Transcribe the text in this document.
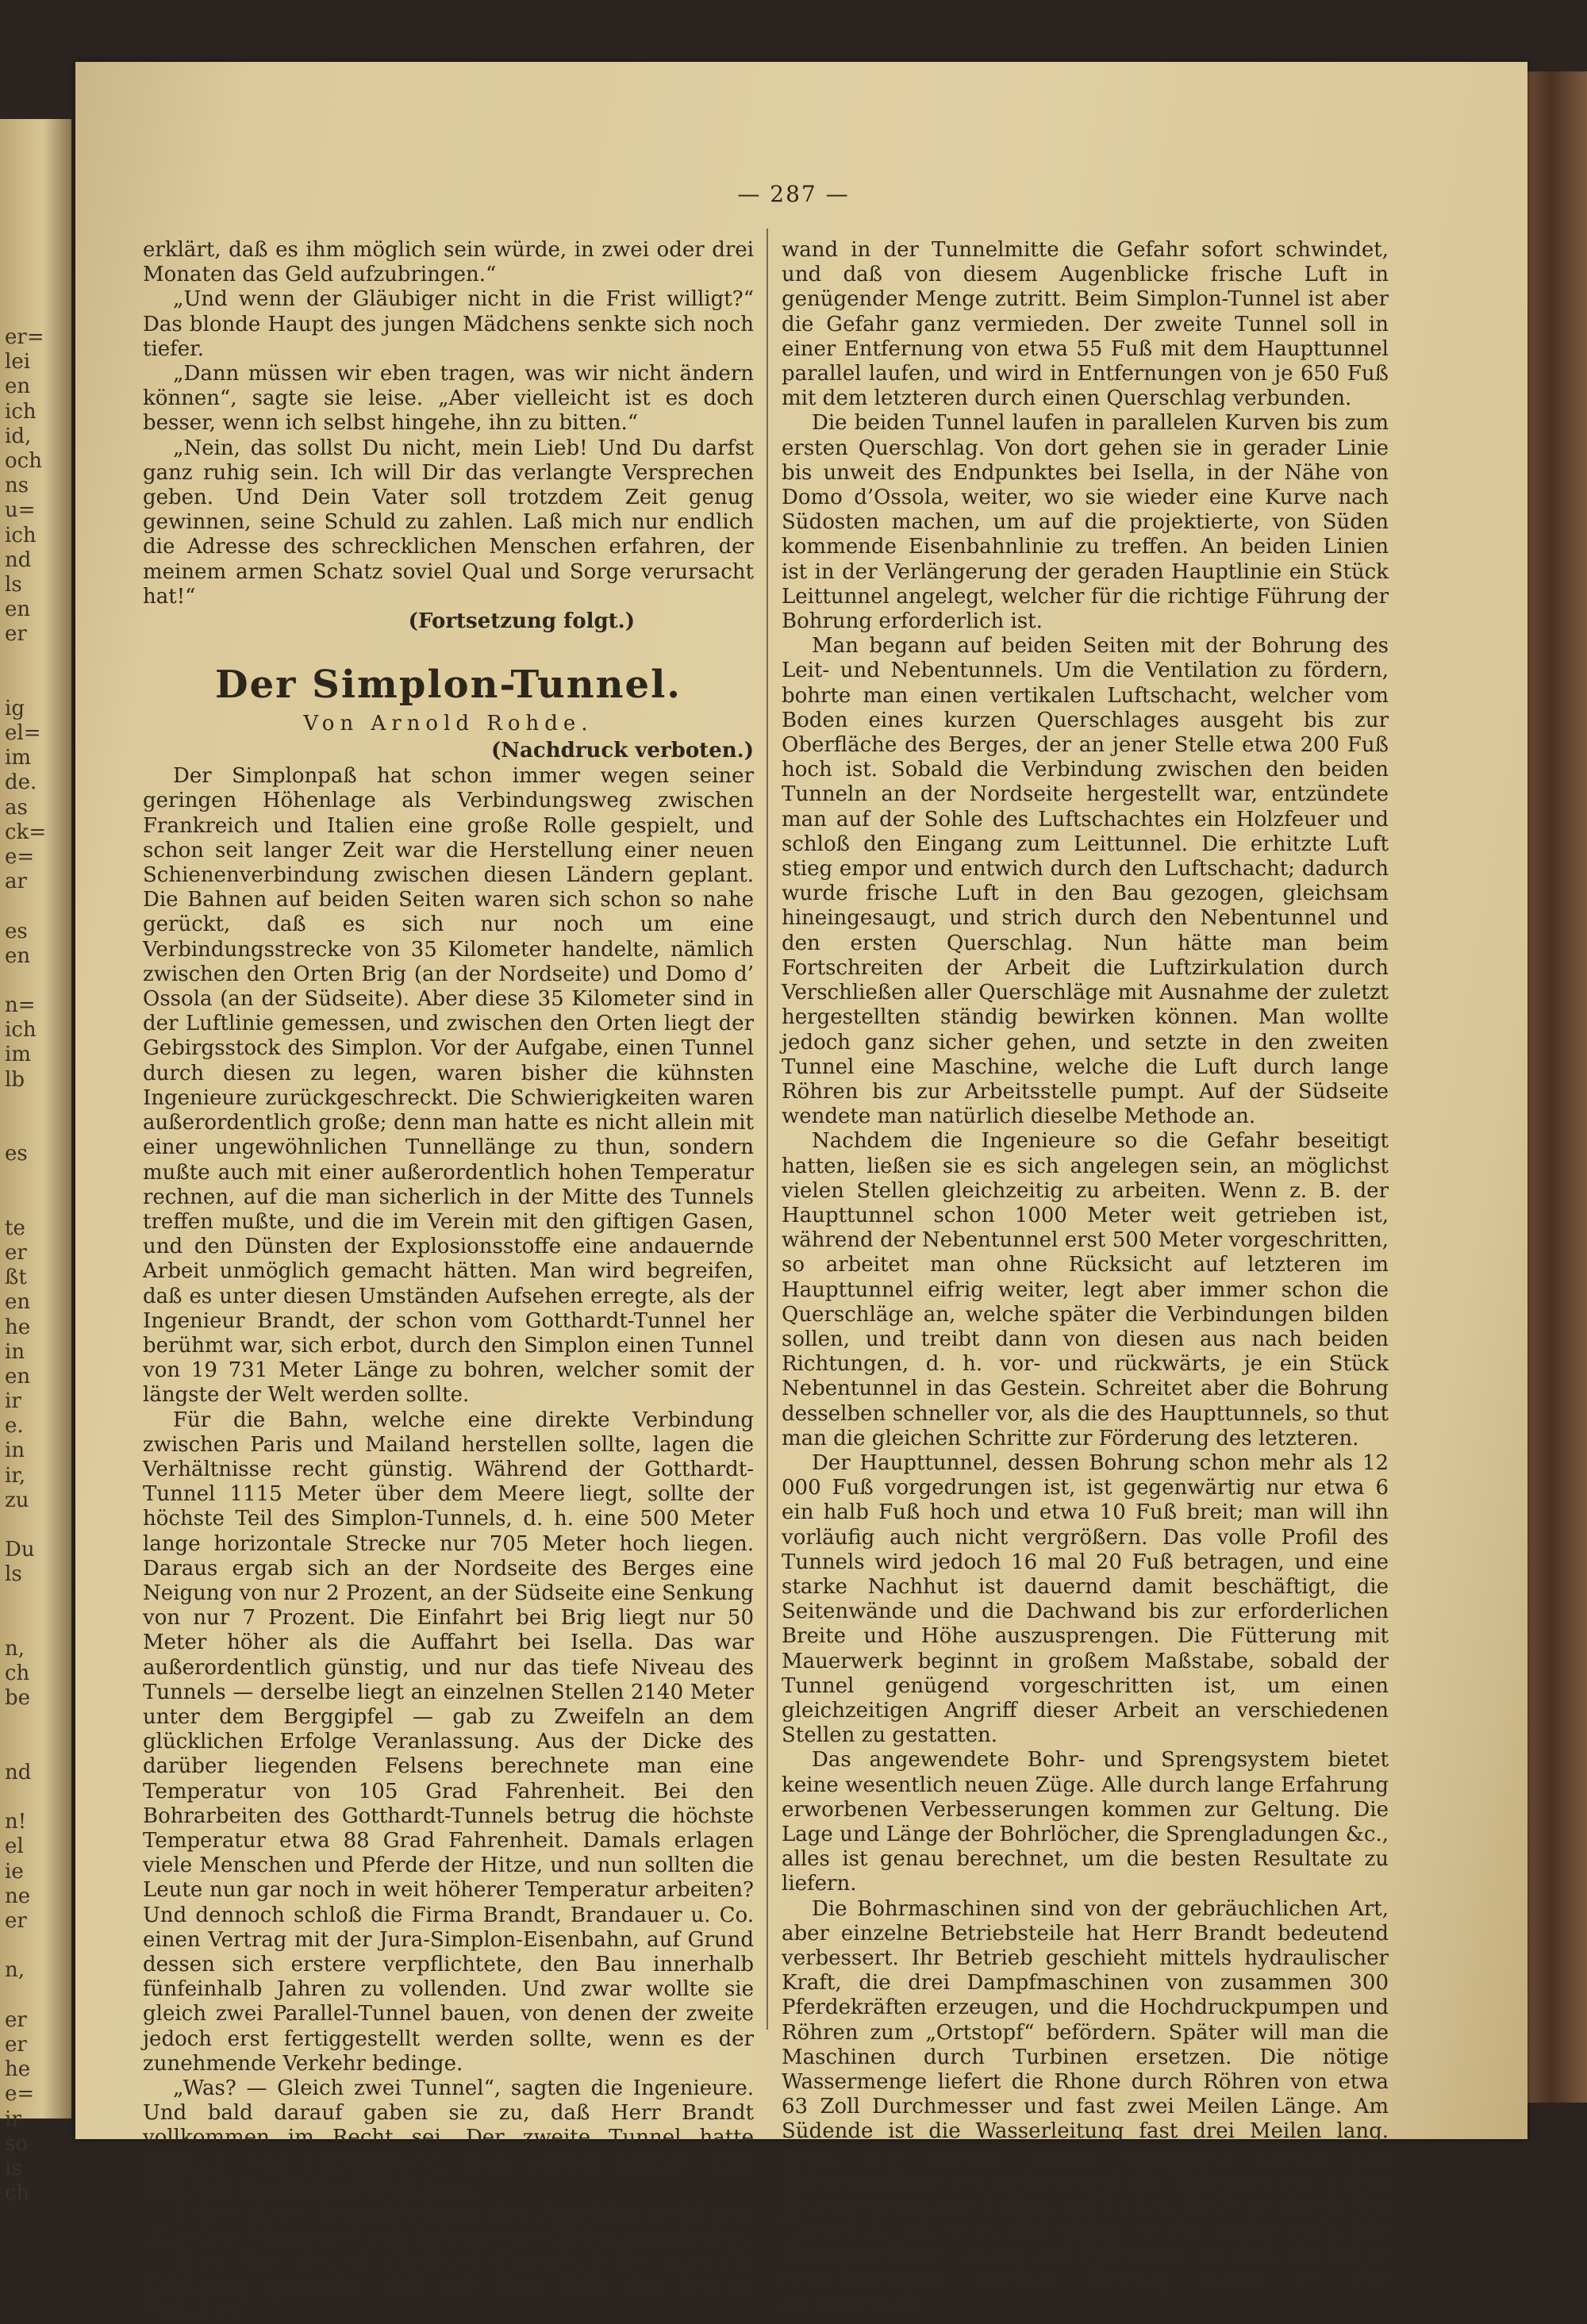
er=
lei
en
ich
id,
och
ns
u=
ich
nd
ls
en
er
ig
el=
im
de.
as
ck=
e=
ar
es
en
n=
ich
im
lb
es
te
er
ßt
en
he
in
en
ir
e.
in
ir,
zu
Du
ls
n,
ch
be
nd
n!
el
ie
ne
er
n,
er
er
he
e=
ir
so
is
ch
— 287 —

erklärt, daß es ihm möglich sein würde, in zwei oder drei Monaten das Geld aufzubringen.“

„Und wenn der Gläubiger nicht in die Frist willigt?“ Das blonde Haupt des jungen Mädchens senkte sich noch tiefer.

„Dann müssen wir eben tragen, was wir nicht ändern können“, sagte sie leise. „Aber vielleicht ist es doch besser, wenn ich selbst hingehe, ihn zu bitten.“

„Nein, das sollst Du nicht, mein Lieb! Und Du darfst ganz ruhig sein. Ich will Dir das verlangte Versprechen geben. Und Dein Vater soll trotzdem Zeit genug gewinnen, seine Schuld zu zahlen. Laß mich nur endlich die Adresse des schrecklichen Menschen erfahren, der meinem armen Schatz soviel Qual und Sorge verursacht hat!“

(Fortsetzung folgt.)

Der Simplon-Tunnel.

Von Arnold Rohde.

(Nachdruck verboten.)

Der Simplonpaß hat schon immer wegen seiner geringen Höhenlage als Verbindungsweg zwischen Frankreich und Italien eine große Rolle gespielt, und schon seit langer Zeit war die Herstellung einer neuen Schienenverbindung zwischen diesen Ländern geplant. Die Bahnen auf beiden Seiten waren sich schon so nahe gerückt, daß es sich nur noch um eine Verbindungsstrecke von 35 Kilometer handelte, nämlich zwischen den Orten Brig (an der Nordseite) und Domo d’ Ossola (an der Südseite). Aber diese 35 Kilometer sind in der Luftlinie gemessen, und zwischen den Orten liegt der Gebirgsstock des Simplon. Vor der Aufgabe, einen Tunnel durch diesen zu legen, waren bisher die kühnsten Ingenieure zurückgeschreckt. Die Schwierigkeiten waren außerordentlich große; denn man hatte es nicht allein mit einer ungewöhnlichen Tunnellänge zu thun, sondern mußte auch mit einer außerordentlich hohen Temperatur rechnen, auf die man sicherlich in der Mitte des Tunnels treffen mußte, und die im Verein mit den giftigen Gasen, und den Dünsten der Explosionsstoffe eine andauernde Arbeit unmöglich gemacht hätten. Man wird begreifen, daß es unter diesen Umständen Aufsehen erregte, als der Ingenieur Brandt, der schon vom Gotthardt-Tunnel her berühmt war, sich erbot, durch den Simplon einen Tunnel von 19 731 Meter Länge zu bohren, welcher somit der längste der Welt werden sollte.

Für die Bahn, welche eine direkte Verbindung zwischen Paris und Mailand herstellen sollte, lagen die Verhältnisse recht günstig. Während der Gotthardt-Tunnel 1115 Meter über dem Meere liegt, sollte der höchste Teil des Simplon-Tunnels, d. h. eine 500 Meter lange horizontale Strecke nur 705 Meter hoch liegen. Daraus ergab sich an der Nordseite des Berges eine Neigung von nur 2 Prozent, an der Südseite eine Senkung von nur 7 Prozent. Die Einfahrt bei Brig liegt nur 50 Meter höher als die Auffahrt bei Isella. Das war außerordentlich günstig, und nur das tiefe Niveau des Tunnels — derselbe liegt an einzelnen Stellen 2140 Meter unter dem Berggipfel — gab zu Zweifeln an dem glücklichen Erfolge Veranlassung. Aus der Dicke des darüber liegenden Felsens berechnete man eine Temperatur von 105 Grad Fahrenheit. Bei den Bohrarbeiten des Gotthardt-Tunnels betrug die höchste Temperatur etwa 88 Grad Fahrenheit. Damals erlagen viele Menschen und Pferde der Hitze, und nun sollten die Leute nun gar noch in weit höherer Temperatur arbeiten? Und dennoch schloß die Firma Brandt, Brandauer u. Co. einen Vertrag mit der Jura-Simplon-Eisenbahn, auf Grund dessen sich erstere verpflichtete, den Bau innerhalb fünfeinhalb Jahren zu vollenden. Und zwar wollte sie gleich zwei Parallel-Tunnel bauen, von denen der zweite jedoch erst fertiggestellt werden sollte, wenn es der zunehmende Verkehr bedinge.

„Was? — Gleich zwei Tunnel“, sagten die Ingenieure. Und bald darauf gaben sie zu, daß Herr Brandt vollkommen im Recht sei. Der zweite Tunnel hatte nämlich den Hauptzweck, dem ersten frische Luft während des Baues zuzuführen.

Ueber diese Verwirklichung des Projektes weiß nun „Cassiers Magazine“ sehr interessante Daten mitzuteilen.

Beim Bau des St. Gotthardt-Tunnels hatte man die Erfahrung gemacht, daß mit dem Falle der letzten Zwischen-

wand in der Tunnelmitte die Gefahr sofort schwindet, und daß von diesem Augenblicke frische Luft in genügender Menge zutritt. Beim Simplon-Tunnel ist aber die Gefahr ganz vermieden. Der zweite Tunnel soll in einer Entfernung von etwa 55 Fuß mit dem Haupttunnel parallel laufen, und wird in Entfernungen von je 650 Fuß mit dem letzteren durch einen Querschlag verbunden.

Die beiden Tunnel laufen in parallelen Kurven bis zum ersten Querschlag. Von dort gehen sie in gerader Linie bis unweit des Endpunktes bei Isella, in der Nähe von Domo d’Ossola, weiter, wo sie wieder eine Kurve nach Südosten machen, um auf die projektierte, von Süden kommende Eisenbahnlinie zu treffen. An beiden Linien ist in der Verlängerung der geraden Hauptlinie ein Stück Leittunnel angelegt, welcher für die richtige Führung der Bohrung erforderlich ist.

Man begann auf beiden Seiten mit der Bohrung des Leit- und Nebentunnels. Um die Ventilation zu fördern, bohrte man einen vertikalen Luftschacht, welcher vom Boden eines kurzen Querschlages ausgeht bis zur Oberfläche des Berges, der an jener Stelle etwa 200 Fuß hoch ist. Sobald die Verbindung zwischen den beiden Tunneln an der Nordseite hergestellt war, entzündete man auf der Sohle des Luftschachtes ein Holzfeuer und schloß den Eingang zum Leittunnel. Die erhitzte Luft stieg empor und entwich durch den Luftschacht; dadurch wurde frische Luft in den Bau gezogen, gleichsam hineingesaugt, und strich durch den Nebentunnel und den ersten Querschlag. Nun hätte man beim Fortschreiten der Arbeit die Luftzirkulation durch Verschließen aller Querschläge mit Ausnahme der zuletzt hergestellten ständig bewirken können. Man wollte jedoch ganz sicher gehen, und setzte in den zweiten Tunnel eine Maschine, welche die Luft durch lange Röhren bis zur Arbeitsstelle pumpt. Auf der Südseite wendete man natürlich dieselbe Methode an.

Nachdem die Ingenieure so die Gefahr beseitigt hatten, ließen sie es sich angelegen sein, an möglichst vielen Stellen gleichzeitig zu arbeiten. Wenn z. B. der Haupttunnel schon 1000 Meter weit getrieben ist, während der Nebentunnel erst 500 Meter vorgeschritten, so arbeitet man ohne Rücksicht auf letzteren im Haupttunnel eifrig weiter, legt aber immer schon die Querschläge an, welche später die Verbindungen bilden sollen, und treibt dann von diesen aus nach beiden Richtungen, d. h. vor- und rückwärts, je ein Stück Nebentunnel in das Gestein. Schreitet aber die Bohrung desselben schneller vor, als die des Haupttunnels, so thut man die gleichen Schritte zur Förderung des letzteren.

Der Haupttunnel, dessen Bohrung schon mehr als 12 000 Fuß vorgedrungen ist, ist gegenwärtig nur etwa 6 ein halb Fuß hoch und etwa 10 Fuß breit; man will ihn vorläufig auch nicht vergrößern. Das volle Profil des Tunnels wird jedoch 16 mal 20 Fuß betragen, und eine starke Nachhut ist dauernd damit beschäftigt, die Seitenwände und die Dachwand bis zur erforderlichen Breite und Höhe auszusprengen. Die Fütterung mit Mauerwerk beginnt in großem Maßstabe, sobald der Tunnel genügend vorgeschritten ist, um einen gleichzeitigen Angriff dieser Arbeit an verschiedenen Stellen zu gestatten.

Das angewendete Bohr- und Sprengsystem bietet keine wesentlich neuen Züge. Alle durch lange Erfahrung erworbenen Verbesserungen kommen zur Geltung. Die Lage und Länge der Bohrlöcher, die Sprengladungen &c., alles ist genau berechnet, um die besten Resultate zu liefern.

Die Bohrmaschinen sind von der gebräuchlichen Art, aber einzelne Betriebsteile hat Herr Brandt bedeutend verbessert. Ihr Betrieb geschieht mittels hydraulischer Kraft, die drei Dampfmaschinen von zusammen 300 Pferdekräften erzeugen, und die Hochdruckpumpen und Röhren zum „Ortstopf“ befördern. Später will man die Maschinen durch Turbinen ersetzen. Die nötige Wassermenge liefert die Rhone durch Röhren von etwa 63 Zoll Durchmesser und fast zwei Meilen Länge. Am Südende ist die Wasserleitung fast drei Meilen lang. Wenn das Wasser seinen doppelten Zweck, die Bohrmaschinen zu treiben und die Trümmer nach dem Sprengen wegzuschaffen, erfüllt hat, fließt es durch den Tunnel ab, wo man, oft knietief, in ihm waten muß. Die Bohrmaschinen laufen auf Schienen, so daß sie leicht zurückgezogen werden können, wenn an der Arbeitsfläche
